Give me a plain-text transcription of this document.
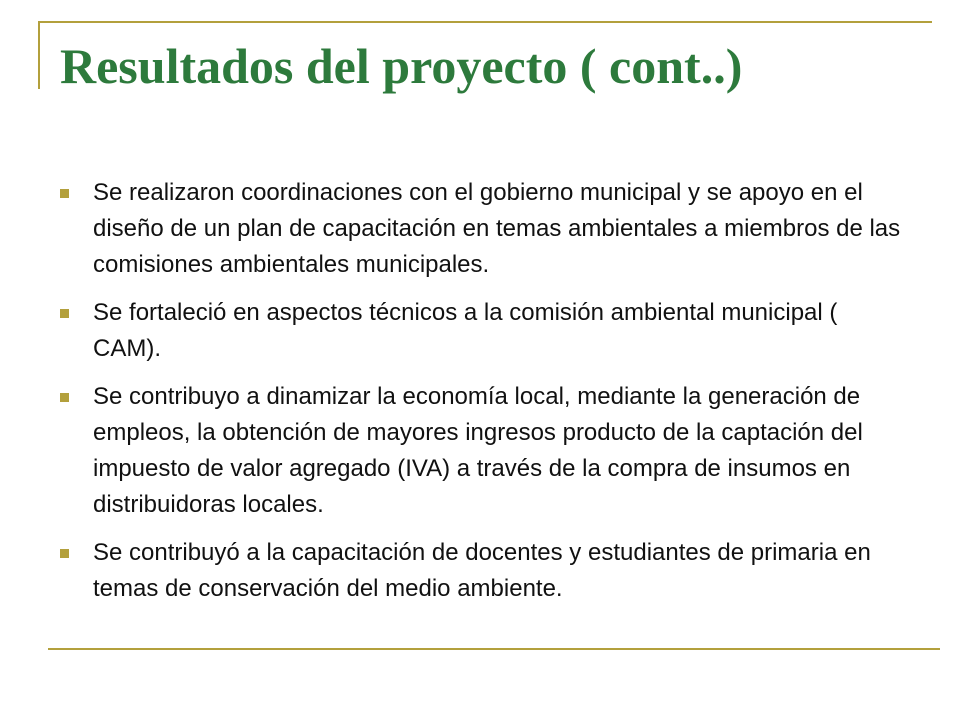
Resultados del proyecto ( cont..)
Se realizaron coordinaciones con el gobierno municipal y se apoyo en el diseño de un plan de capacitación en temas ambientales a miembros de las comisiones ambientales municipales.
Se fortaleció en aspectos técnicos a la comisión ambiental municipal ( CAM).
Se contribuyo a dinamizar la economía local, mediante la generación de empleos, la obtención de mayores ingresos producto de la captación del impuesto de valor agregado (IVA) a través de la compra de insumos en distribuidoras locales.
Se contribuyó a la capacitación de docentes y estudiantes de primaria en temas de conservación del medio ambiente.
